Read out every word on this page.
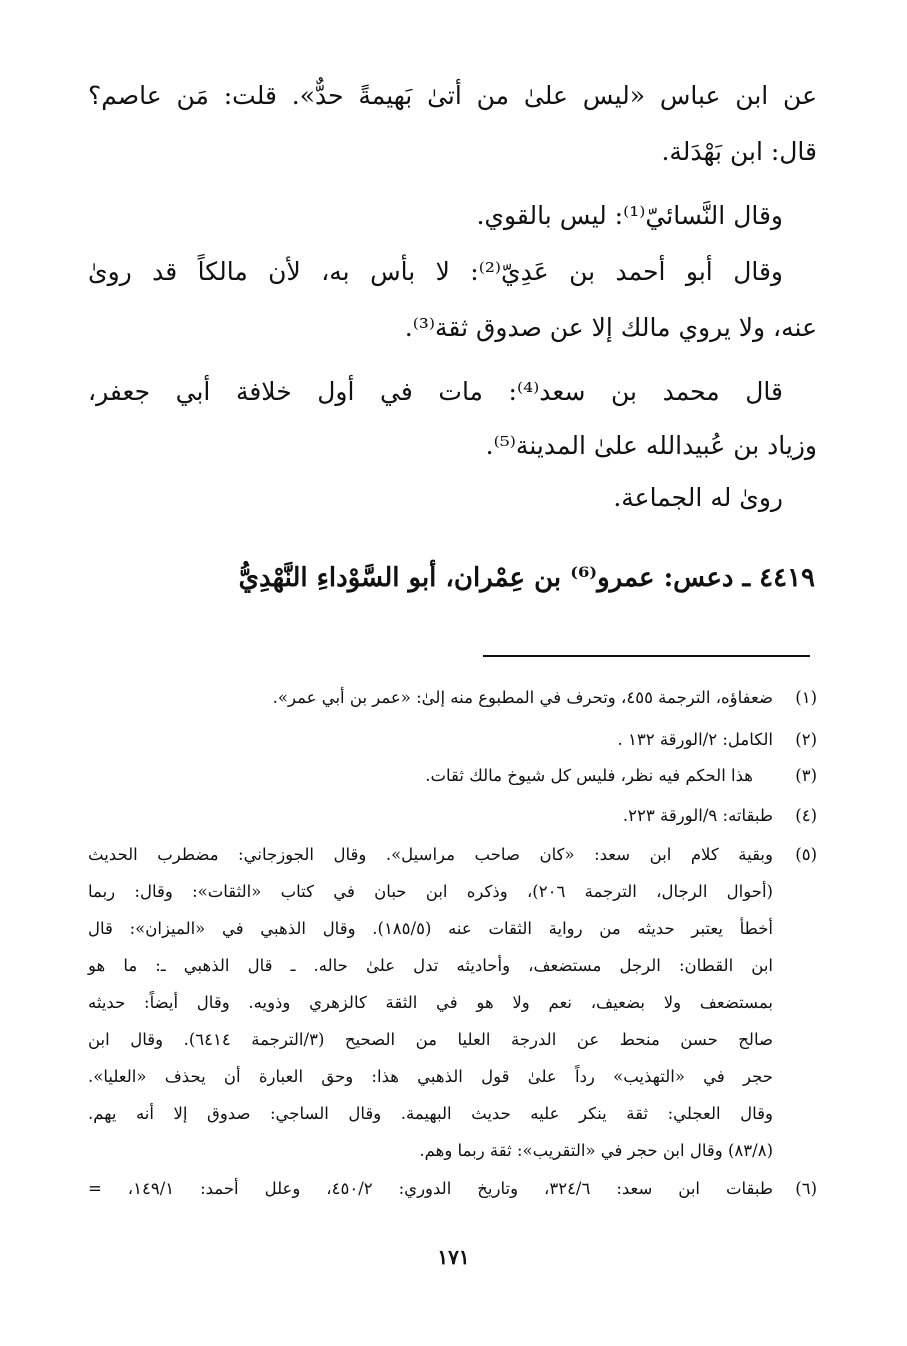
عن ابن عباس «ليس علىٰ من أتىٰ بَهيمةً حدٌّ». قلت: مَن عاصم؟
قال: ابن بَهْدَلة.
وقال النَّسائيّ⁽¹⁾: ليس بالقوي.
وقال أبو أحمد بن عَدِيّ⁽²⁾: لا بأس به، لأن مالكاً قد روىٰ
عنه، ولا يروي مالك إلا عن صدوق ثقة⁽³⁾.
قال محمد بن سعد⁽⁴⁾: مات في أول خلافة أبي جعفر،
وزياد بن عُبيدالله علىٰ المدينة⁽⁵⁾.
روىٰ له الجماعة.
٤٤١٩ ـ دعس: عمرو⁽⁶⁾ بن عِمْران، أبو السَّوْداءِ النَّهْدِيُّ
(١)
ضعفاؤه، الترجمة ٤٥٥، وتحرف في المطبوع منه إلىٰ: «عمر بن أبي عمر».
(٢)
الكامل: ٢/الورقة ١٣٢ .
(٣)
هذا الحكم فيه نظر، فليس كل شيوخ مالك ثقات.
(٤)
طبقاته: ٩/الورقة ٢٢٣.
(٥)
وبقية كلام ابن سعد: «كان صاحب مراسيل». وقال الجوزجاني: مضطرب الحديث
(أحوال الرجال، الترجمة ٢٠٦)، وذكره ابن حبان في كتاب «الثقات»: وقال: ربما
أخطأ يعتبر حديثه من رواية الثقات عنه (١٨٥/٥). وقال الذهبي في «الميزان»: قال
ابن القطان: الرجل مستضعف، وأحاديثه تدل علىٰ حاله. ـ قال الذهبي ـ: ما هو
بمستضعف ولا بضعيف، نعم ولا هو في الثقة كالزهري وذويه. وقال أيضاً: حديثه
صالح حسن منحط عن الدرجة العليا من الصحيح (٣/الترجمة ٦٤١٤). وقال ابن
حجر في «التهذيب» رداً علىٰ قول الذهبي هذا: وحق العبارة أن يحذف «العليا».
وقال العجلي: ثقة ينكر عليه حديث البهيمة. وقال الساجي: صدوق إلا أنه يهم.
(٨٣/٨) وقال ابن حجر في «التقريب»: ثقة ربما وهم.
(٦)
طبقات ابن سعد: ٣٢٤/٦، وتاريخ الدوري: ٤٥٠/٢، وعلل أحمد: ١٤٩/١، =
١٧١
